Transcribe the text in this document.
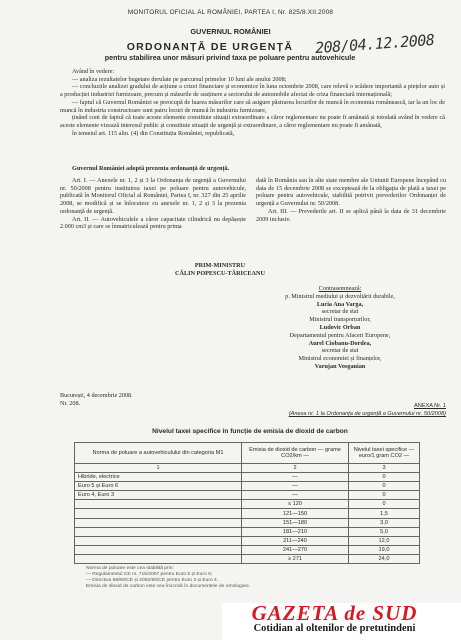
MONITORUL OFICIAL AL ROMÂNIEI, PARTEA I, Nr. 825/8.XII.2008
GUVERNUL ROMÂNIEI
ORDONANȚĂ DE URGENȚĂ	208/04.12.2008
pentru stabilirea unor măsuri privind taxa pe poluare pentru autovehicule
Având în vedere:
— analiza rezultatelor bugetare derulate pe parcursul primelor 10 luni ale anului 2008;
— concluziile analizei gradului de acțiune a crizei financiare și economice în luna octombrie 2008, care relevă o scădere importantă a piețelor auto și a producției industriei furnizoare, precum și măsurile de susținere a sectorului de automobile afectat de criza financiară internațională;
— faptul că Guvernul României se preocupă de luarea măsurilor care să asigure păstrarea locurilor de muncă în economia românească, iar la un loc de muncă în industria constructoare sunt patru locuri de muncă în industria furnizoare,
ținând cont de faptul că toate aceste elemente constituie situații extraordinare a căror reglementare nu poate fi amânată și totodată având în vedere că aceste elemente vizează interesul public și constituie situații de urgență și extraordinare, a căror reglementare nu poate fi amânată,
în temeiul art. 115 alin. (4) din Constituția României, republicată,
Guvernul României adoptă prezenta ordonanță de urgență.
Art. I. — Anexele nr. 1, 2 și 3 la Ordonanța de urgență a Guvernului nr. 50/2008 pentru instituirea taxei pe poluare pentru autovehicule, publicată în Monitorul Oficial al României, Partea I, nr. 327 din 25 aprilie 2008, se modifică și se înlocuiesc cu anexele nr. 1, 2 și 3 la prezenta ordonanță de urgență.
Art. II. — Autovehiculele a căror capacitate cilindrică nu depășește 2.000 cm3 și care se înmatriculează pentru prima
dată în România sau în alte state membre ale Uniunii Europene începând cu data de 15 decembrie 2008 se exceptează de la obligația de plată a taxei pe poluare pentru autovehicule, stabilită potrivit prevederilor Ordonanței de urgență a Guvernului nr. 50/2008.
Art. III. — Prevederile art. II se aplică până la data de 31 decembrie 2009 inclusiv.
PRIM-MINISTRU
CĂLIN POPESCU-TĂRICEANU
Contrasemnează:
p. Ministrul mediului și dezvoltării durabile,
Lucia Ana Varga,
secretar de stat
Ministrul transporturilor,
Ludovic Orban
Departamentul pentru Afaceri Europene,
Aurel Ciobanu-Dordea,
secretar de stat
Ministrul economiei și finanțelor,
Varujan Vosganian
București, 4 decembrie 2008.
Nr. 208.	ANEXA Nr. 1
(Anexa nr. 1 la Ordonanța de urgență a Guvernului nr. 50/2008)
Nivelul taxei specifice în funcție de emisia de dioxid de carbon
Norma de poluare a autovehiculului din categoria M1	Emisia de dioxid de carbon — grame CO2/km —	Nivelul taxei specifice — euro/1 gram CO2 —
1	2	3
Hibride, electrice	—	0
Euro 5 și Euro 6	—	0
Euro 4, Euro 3	—	0
	≤ 120	0
	121—150	1,5
	151—180	3,0
	181—210	5,0
	211—240	12,0
	241—270	19,0
	≥ 271	24,0
Norma de poluare este cea stabilită prin:
— Regulamentul CE nr. 715/2007 pentru Euro 5 și Euro 6;
— Directiva 98/69/CE și 2002/80/CE pentru Euro 3 și Euro 4.
Emisia de dioxid de carbon este cea înscrisă în documentele de omologare.
GAZETA de SUD
Cotidian al oltenilor de pretutindeni
